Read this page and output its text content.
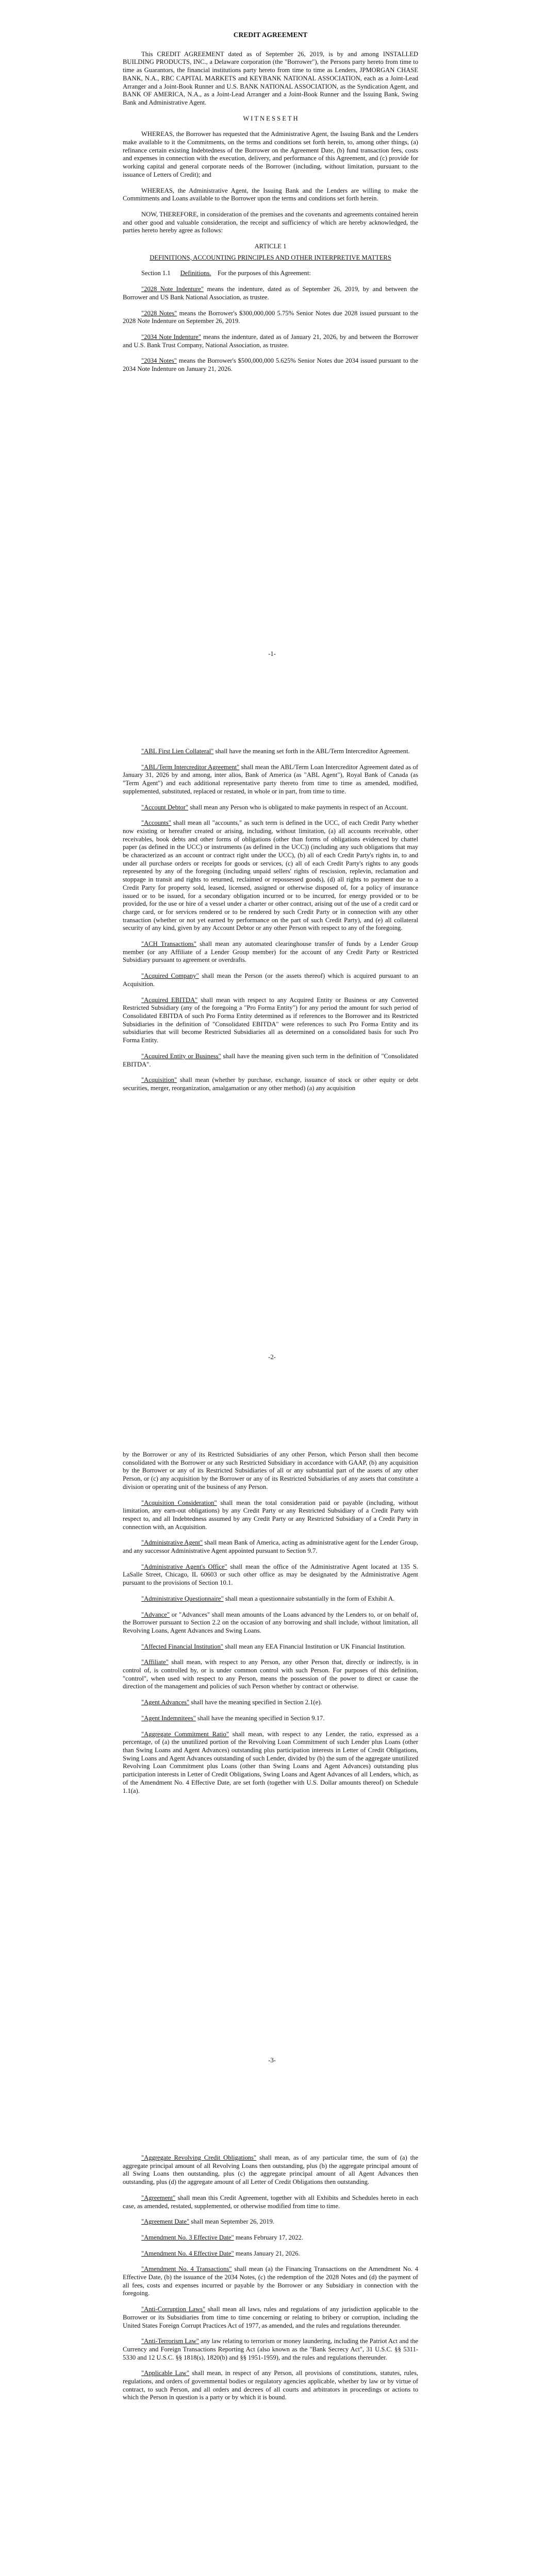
CREDIT AGREEMENT

This CREDIT AGREEMENT dated as of September 26, 2019, is by and among INSTALLED BUILDING PRODUCTS, INC., a Delaware corporation (the "Borrower"), the Persons party hereto from time to time as Guarantors, the financial institutions party hereto from time to time as Lenders, JPMORGAN CHASE BANK, N.A., RBC CAPITAL MARKETS and KEYBANK NATIONAL ASSOCIATION, each as a Joint-Lead Arranger and a Joint-Book Runner and U.S. BANK NATIONAL ASSOCIATION, as the Syndication Agent, and BANK OF AMERICA, N.A., as a Joint-Lead Arranger and a Joint-Book Runner and the Issuing Bank, Swing Bank and Administrative Agent.

W I T N E S S E T H

WHEREAS, the Borrower has requested that the Administrative Agent, the Issuing Bank and the Lenders make available to it the Commitments, on the terms and conditions set forth herein, to, among other things, (a) refinance certain existing Indebtedness of the Borrower on the Agreement Date, (b) fund transaction fees, costs and expenses in connection with the execution, delivery, and performance of this Agreement, and (c) provide for working capital and general corporate needs of the Borrower (including, without limitation, pursuant to the issuance of Letters of Credit); and

WHEREAS, the Administrative Agent, the Issuing Bank and the Lenders are willing to make the Commitments and Loans available to the Borrower upon the terms and conditions set forth herein.

NOW, THEREFORE, in consideration of the premises and the covenants and agreements contained herein and other good and valuable consideration, the receipt and sufficiency of which are hereby acknowledged, the parties hereto hereby agree as follows:

ARTICLE 1

DEFINITIONS, ACCOUNTING PRINCIPLES AND OTHER INTERPRETIVE MATTERS

Section 1.1 Definitions. For the purposes of this Agreement:

"2028 Note Indenture" means the indenture, dated as of September 26, 2019, by and between the Borrower and US Bank National Association, as trustee.

"2028 Notes" means the Borrower's $300,000,000 5.75% Senior Notes due 2028 issued pursuant to the 2028 Note Indenture on September 26, 2019.

"2034 Note Indenture" means the indenture, dated as of January 21, 2026, by and between the Borrower and U.S. Bank Trust Company, National Association, as trustee.

"2034 Notes" means the Borrower's $500,000,000 5.625% Senior Notes due 2034 issued pursuant to the 2034 Note Indenture on January 21, 2026.

-1-

"ABL First Lien Collateral" shall have the meaning set forth in the ABL/Term Intercreditor Agreement.

"ABL/Term Intercreditor Agreement" shall mean the ABL/Term Loan Intercreditor Agreement dated as of January 31, 2026 by and among, inter alios, Bank of America (as "ABL Agent"), Royal Bank of Canada (as "Term Agent") and each additional representative party thereto from time to time as amended, modified, supplemented, substituted, replaced or restated, in whole or in part, from time to time.

"Account Debtor" shall mean any Person who is obligated to make payments in respect of an Account.

"Accounts" shall mean all "accounts," as such term is defined in the UCC, of each Credit Party whether now existing or hereafter created or arising, including, without limitation, (a) all accounts receivable, other receivables, book debts and other forms of obligations (other than forms of obligations evidenced by chattel paper (as defined in the UCC) or instruments (as defined in the UCC)) (including any such obligations that may be characterized as an account or contract right under the UCC), (b) all of each Credit Party's rights in, to and under all purchase orders or receipts for goods or services, (c) all of each Credit Party's rights to any goods represented by any of the foregoing (including unpaid sellers' rights of rescission, replevin, reclamation and stoppage in transit and rights to returned, reclaimed or repossessed goods), (d) all rights to payment due to a Credit Party for property sold, leased, licensed, assigned or otherwise disposed of, for a policy of insurance issued or to be issued, for a secondary obligation incurred or to be incurred, for energy provided or to be provided, for the use or hire of a vessel under a charter or other contract, arising out of the use of a credit card or charge card, or for services rendered or to be rendered by such Credit Party or in connection with any other transaction (whether or not yet earned by performance on the part of such Credit Party), and (e) all collateral security of any kind, given by any Account Debtor or any other Person with respect to any of the foregoing.

"ACH Transactions" shall mean any automated clearinghouse transfer of funds by a Lender Group member (or any Affiliate of a Lender Group member) for the account of any Credit Party or Restricted Subsidiary pursuant to agreement or overdrafts.

"Acquired Company" shall mean the Person (or the assets thereof) which is acquired pursuant to an Acquisition.

"Acquired EBITDA" shall mean with respect to any Acquired Entity or Business or any Converted Restricted Subsidiary (any of the foregoing a "Pro Forma Entity") for any period the amount for such period of Consolidated EBITDA of such Pro Forma Entity determined as if references to the Borrower and its Restricted Subsidiaries in the definition of "Consolidated EBITDA" were references to such Pro Forma Entity and its subsidiaries that will become Restricted Subsidiaries all as determined on a consolidated basis for such Pro Forma Entity.

"Acquired Entity or Business" shall have the meaning given such term in the definition of "Consolidated EBITDA".

"Acquisition" shall mean (whether by purchase, exchange, issuance of stock or other equity or debt securities, merger, reorganization, amalgamation or any other method) (a) any acquisition

-2-

by the Borrower or any of its Restricted Subsidiaries of any other Person, which Person shall then become consolidated with the Borrower or any such Restricted Subsidiary in accordance with GAAP, (b) any acquisition by the Borrower or any of its Restricted Subsidiaries of all or any substantial part of the assets of any other Person, or (c) any acquisition by the Borrower or any of its Restricted Subsidiaries of any assets that constitute a division or operating unit of the business of any Person.

"Acquisition Consideration" shall mean the total consideration paid or payable (including, without limitation, any earn-out obligations) by any Credit Party or any Restricted Subsidiary of a Credit Party with respect to, and all Indebtedness assumed by any Credit Party or any Restricted Subsidiary of a Credit Party in connection with, an Acquisition.

"Administrative Agent" shall mean Bank of America, acting as administrative agent for the Lender Group, and any successor Administrative Agent appointed pursuant to Section 9.7.

"Administrative Agent's Office" shall mean the office of the Administrative Agent located at 135 S. LaSalle Street, Chicago, IL 60603 or such other office as may be designated by the Administrative Agent pursuant to the provisions of Section 10.1.

"Administrative Questionnaire" shall mean a questionnaire substantially in the form of Exhibit A.

"Advance" or "Advances" shall mean amounts of the Loans advanced by the Lenders to, or on behalf of, the Borrower pursuant to Section 2.2 on the occasion of any borrowing and shall include, without limitation, all Revolving Loans, Agent Advances and Swing Loans.

"Affected Financial Institution" shall mean any EEA Financial Institution or UK Financial Institution.

"Affiliate" shall mean, with respect to any Person, any other Person that, directly or indirectly, is in control of, is controlled by, or is under common control with such Person. For purposes of this definition, "control", when used with respect to any Person, means the possession of the power to direct or cause the direction of the management and policies of such Person whether by contract or otherwise.

"Agent Advances" shall have the meaning specified in Section 2.1(e).

"Agent Indemnitees" shall have the meaning specified in Section 9.17.

"Aggregate Commitment Ratio" shall mean, with respect to any Lender, the ratio, expressed as a percentage, of (a) the unutilized portion of the Revolving Loan Commitment of such Lender plus Loans (other than Swing Loans and Agent Advances) outstanding plus participation interests in Letter of Credit Obligations, Swing Loans and Agent Advances outstanding of such Lender, divided by (b) the sum of the aggregate unutilized Revolving Loan Commitment plus Loans (other than Swing Loans and Agent Advances) outstanding plus participation interests in Letter of Credit Obligations, Swing Loans and Agent Advances of all Lenders, which, as of the Amendment No. 4 Effective Date, are set forth (together with U.S. Dollar amounts thereof) on Schedule 1.1(a).

-3-

"Aggregate Revolving Credit Obligations" shall mean, as of any particular time, the sum of (a) the aggregate principal amount of all Revolving Loans then outstanding, plus (b) the aggregate principal amount of all Swing Loans then outstanding, plus (c) the aggregate principal amount of all Agent Advances then outstanding, plus (d) the aggregate amount of all Letter of Credit Obligations then outstanding.

"Agreement" shall mean this Credit Agreement, together with all Exhibits and Schedules hereto in each case, as amended, restated, supplemented, or otherwise modified from time to time.

"Agreement Date" shall mean September 26, 2019.

"Amendment No. 3 Effective Date" means February 17, 2022.

"Amendment No. 4 Effective Date" means January 21, 2026.

"Amendment No. 4 Transactions" shall mean (a) the Financing Transactions on the Amendment No. 4 Effective Date, (b) the issuance of the 2034 Notes, (c) the redemption of the 2028 Notes and (d) the payment of all fees, costs and expenses incurred or payable by the Borrower or any Subsidiary in connection with the foregoing.

"Anti-Corruption Laws" shall mean all laws, rules and regulations of any jurisdiction applicable to the Borrower or its Subsidiaries from time to time concerning or relating to bribery or corruption, including the United States Foreign Corrupt Practices Act of 1977, as amended, and the rules and regulations thereunder.

"Anti-Terrorism Law" any law relating to terrorism or money laundering, including the Patriot Act and the Currency and Foreign Transactions Reporting Act (also known as the "Bank Secrecy Act", 31 U.S.C. §§ 5311-5330 and 12 U.S.C. §§ 1818(s), 1820(b) and §§ 1951-1959), and the rules and regulations thereunder.

"Applicable Law" shall mean, in respect of any Person, all provisions of constitutions, statutes, rules, regulations, and orders of governmental bodies or regulatory agencies applicable, whether by law or by virtue of contract, to such Person, and all orders and decrees of all courts and arbitrators in proceedings or actions to which the Person in question is a party or by which it is bound.
